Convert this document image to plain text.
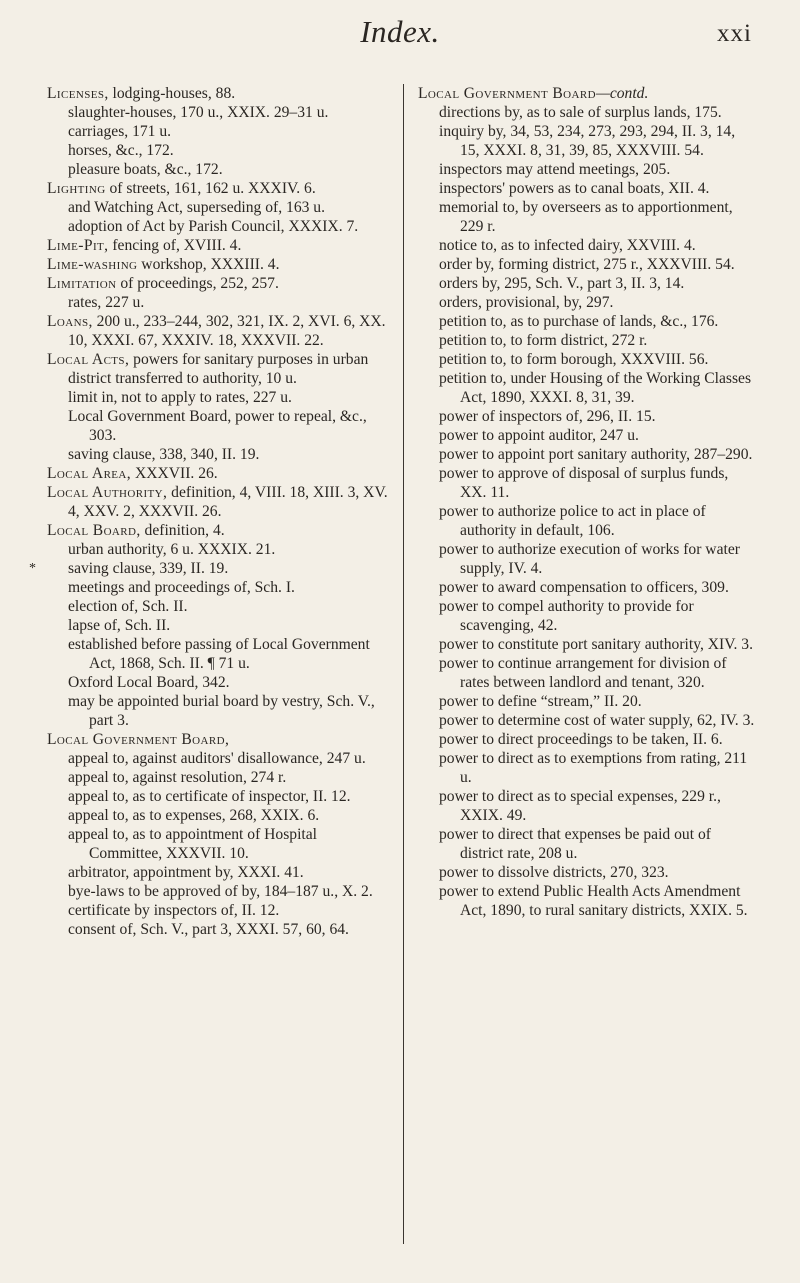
Index.	xxi

Licenses, lodging-houses, 88.

slaughter-houses, 170 u., XXIX. 29–31 u.

carriages, 171 u.

horses, &c., 172.

pleasure boats, &c., 172.

Lighting of streets, 161, 162 u. XXXIV. 6.

and Watching Act, superseding of, 163 u.

adoption of Act by Parish Council, XXXIX. 7.

Lime-Pit, fencing of, XVIII. 4.

Lime-washing workshop, XXXIII. 4.

Limitation of proceedings, 252, 257.

rates, 227 u.

Loans, 200 u., 233–244, 302, 321, IX. 2, XVI. 6, XX. 10, XXXI. 67, XXXIV. 18, XXXVII. 22.

Local Acts, powers for sanitary purposes in urban district transferred to authority, 10 u.

limit in, not to apply to rates, 227 u.

Local Government Board, power to repeal, &c., 303.

saving clause, 338, 340, II. 19.

Local Area, XXXVII. 26.

Local Authority, definition, 4, VIII. 18, XIII. 3, XV. 4, XXV. 2, XXXVII. 26.

Local Board, definition, 4.

urban authority, 6 u. XXXIX. 21.

*	saving clause, 339, II. 19.

meetings and proceedings of, Sch. I.

election of, Sch. II.

lapse of, Sch. II.

established before passing of Local Government Act, 1868, Sch. II. ¶ 71 u.

Oxford Local Board, 342.

may be appointed burial board by vestry, Sch. V., part 3.

Local Government Board,

appeal to, against auditors' disallowance, 247 u.

appeal to, against resolution, 274 r.

appeal to, as to certificate of inspector, II. 12.

appeal to, as to expenses, 268, XXIX. 6.

appeal to, as to appointment of Hospital Committee, XXXVII. 10.

arbitrator, appointment by, XXXI. 41.

bye-laws to be approved of by, 184–187 u., X. 2.

certificate by inspectors of, II. 12.

consent of, Sch. V., part 3, XXXI. 57, 60, 64.

Local Government Board—contd.

directions by, as to sale of surplus lands, 175.

inquiry by, 34, 53, 234, 273, 293, 294, II. 3, 14, 15, XXXI. 8, 31, 39, 85, XXXVIII. 54.

inspectors may attend meetings, 205.

inspectors' powers as to canal boats, XII. 4.

memorial to, by overseers as to apportionment, 229 r.

notice to, as to infected dairy, XXVIII. 4.

order by, forming district, 275 r., XXXVIII. 54.

orders by, 295, Sch. V., part 3, II. 3, 14.

orders, provisional, by, 297.

petition to, as to purchase of lands, &c., 176.

petition to, to form district, 272 r.

petition to, to form borough, XXXVIII. 56.

petition to, under Housing of the Working Classes Act, 1890, XXXI. 8, 31, 39.

power of inspectors of, 296, II. 15.

power to appoint auditor, 247 u.

power to appoint port sanitary authority, 287–290.

power to approve of disposal of surplus funds, XX. 11.

power to authorize police to act in place of authority in default, 106.

power to authorize execution of works for water supply, IV. 4.

power to award compensation to officers, 309.

power to compel authority to provide for scavenging, 42.

power to constitute port sanitary authority, XIV. 3.

power to continue arrangement for division of rates between landlord and tenant, 320.

power to define “stream,” II. 20.

power to determine cost of water supply, 62, IV. 3.

power to direct proceedings to be taken, II. 6.

power to direct as to exemptions from rating, 211 u.

power to direct as to special expenses, 229 r., XXIX. 49.

power to direct that expenses be paid out of district rate, 208 u.

power to dissolve districts, 270, 323.

power to extend Public Health Acts Amendment Act, 1890, to rural sanitary districts, XXIX. 5.
